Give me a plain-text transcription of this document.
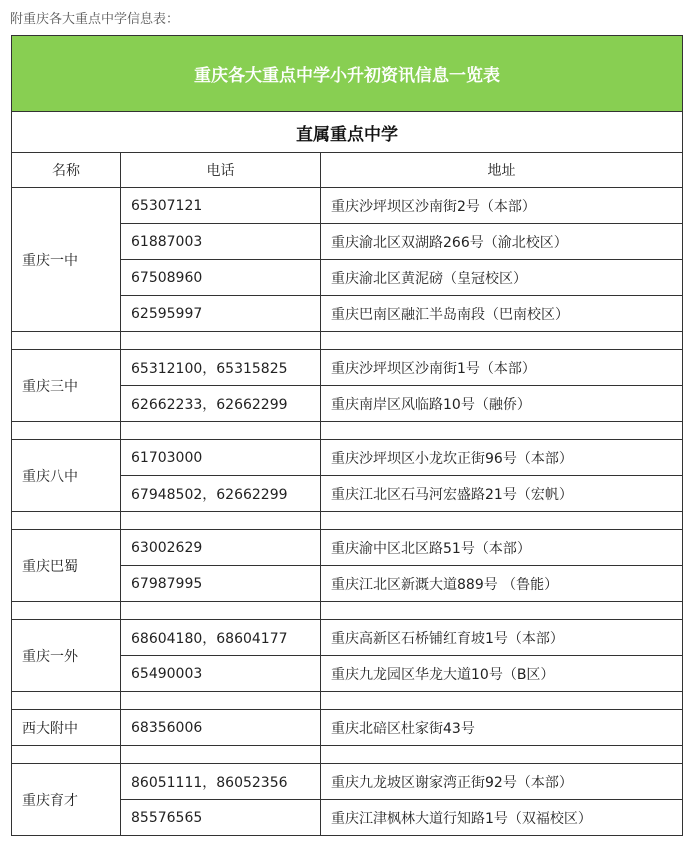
附重庆各大重点中学信息表：
重庆各大重点中学小升初资讯信息一览表		
直属重点中学		
名称	电话	地址
重庆一中	65307121	重庆沙坪坝区沙南街2号（本部）
	61887003	重庆渝北区双湖路266号（渝北校区）
	67508960	重庆渝北区黄泥磅（皇冠校区）
	62595997	重庆巴南区融汇半岛南段（巴南校区）

重庆三中	65312100，65315825	重庆沙坪坝区沙南街1号（本部）
	62662233，62662299	重庆南岸区风临路10号（融侨）

重庆八中	61703000	重庆沙坪坝区小龙坎正街96号（本部）
	67948502，62662299	重庆江北区石马河宏盛路21号（宏帆）

重庆巴蜀	63002629	重庆渝中区北区路51号（本部）
	67987995	重庆江北区新溉大道889号 （鲁能）

重庆一外	68604180，68604177	重庆高新区石桥铺红育坡1号（本部）
	65490003	重庆九龙园区华龙大道10号（B区）

西大附中	68356006	重庆北碚区杜家街43号

重庆育才	86051111，86052356	重庆九龙坡区谢家湾正街92号（本部）
	85576565	重庆江津枫林大道行知路1号（双福校区）
